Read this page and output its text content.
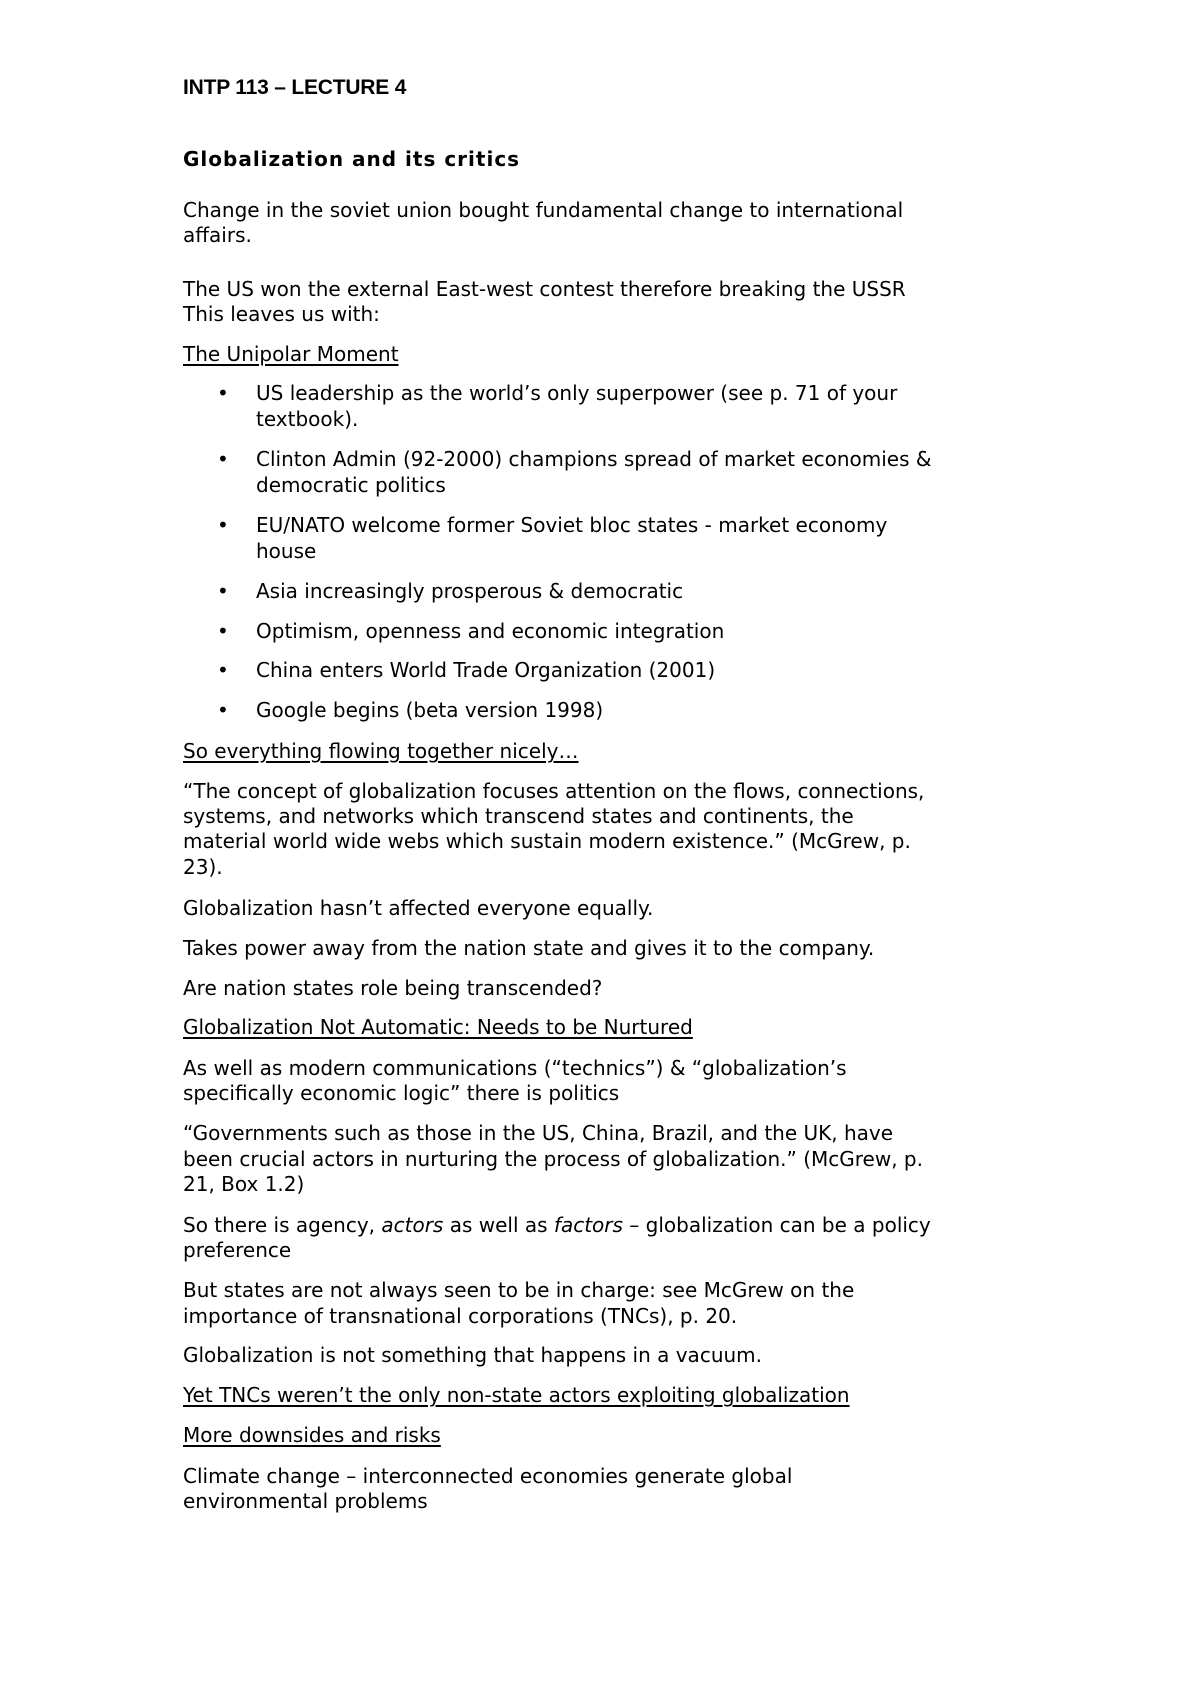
INTP 113 – LECTURE 4

Globalization and its critics

Change in the soviet union bought fundamental change to international

affairs.

The US won the external East-west contest therefore breaking the USSR

This leaves us with:

The Unipolar Moment

• US leadership as the world’s only superpower (see p. 71 of your

textbook).

• Clinton Admin (92-2000) champions spread of market economies &

democratic politics

• EU/NATO welcome former Soviet bloc states - market economy

house

• Asia increasingly prosperous & democratic

• Optimism, openness and economic integration

• China enters World Trade Organization (2001)

• Google begins (beta version 1998)

So everything flowing together nicely…

“The concept of globalization focuses attention on the flows, connections,

systems, and networks which transcend states and continents, the

material world wide webs which sustain modern existence.” (McGrew, p.

23).

Globalization hasn’t affected everyone equally.

Takes power away from the nation state and gives it to the company.

Are nation states role being transcended?

Globalization Not Automatic: Needs to be Nurtured

As well as modern communications (“technics”) & “globalization’s

specifically economic logic” there is politics

“Governments such as those in the US, China, Brazil, and the UK, have

been crucial actors in nurturing the process of globalization.” (McGrew, p.

21, Box 1.2)

So there is agency, actors as well as factors – globalization can be a policy

preference

But states are not always seen to be in charge: see McGrew on the

importance of transnational corporations (TNCs), p. 20.

Globalization is not something that happens in a vacuum.

Yet TNCs weren’t the only non-state actors exploiting globalization

More downsides and risks

Climate change – interconnected economies generate global

environmental problems
